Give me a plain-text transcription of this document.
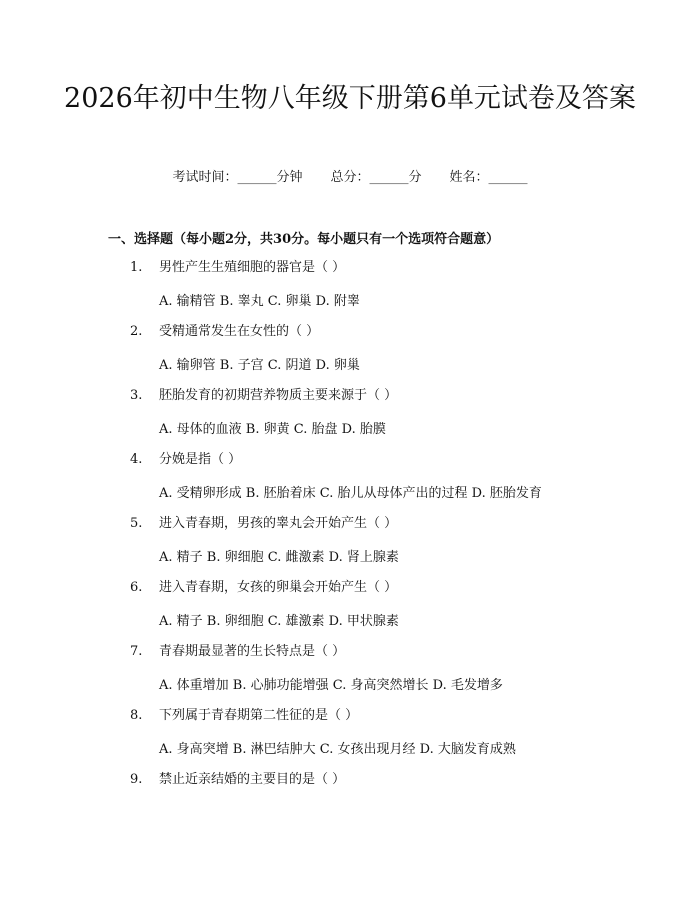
2026年初中生物八年级下册第6单元试卷及答案
考试时间：______分钟 总分：______分 姓名：______
一、选择题（每小题2分，共30分。每小题只有一个选项符合题意）
1. 男性产生生殖细胞的器官是（ ）
A. 输精管 B. 睾丸 C. 卵巢 D. 附睾
2. 受精通常发生在女性的（ ）
A. 输卵管 B. 子宫 C. 阴道 D. 卵巢
3. 胚胎发育的初期营养物质主要来源于（ ）
A. 母体的血液 B. 卵黄 C. 胎盘 D. 胎膜
4. 分娩是指（ ）
A. 受精卵形成 B. 胚胎着床 C. 胎儿从母体产出的过程 D. 胚胎发育
5. 进入青春期，男孩的睾丸会开始产生（ ）
A. 精子 B. 卵细胞 C. 雌激素 D. 肾上腺素
6. 进入青春期，女孩的卵巢会开始产生（ ）
A. 精子 B. 卵细胞 C. 雄激素 D. 甲状腺素
7. 青春期最显著的生长特点是（ ）
A. 体重增加 B. 心肺功能增强 C. 身高突然增长 D. 毛发增多
8. 下列属于青春期第二性征的是（ ）
A. 身高突增 B. 淋巴结肿大 C. 女孩出现月经 D. 大脑发育成熟
9. 禁止近亲结婚的主要目的是（ ）
